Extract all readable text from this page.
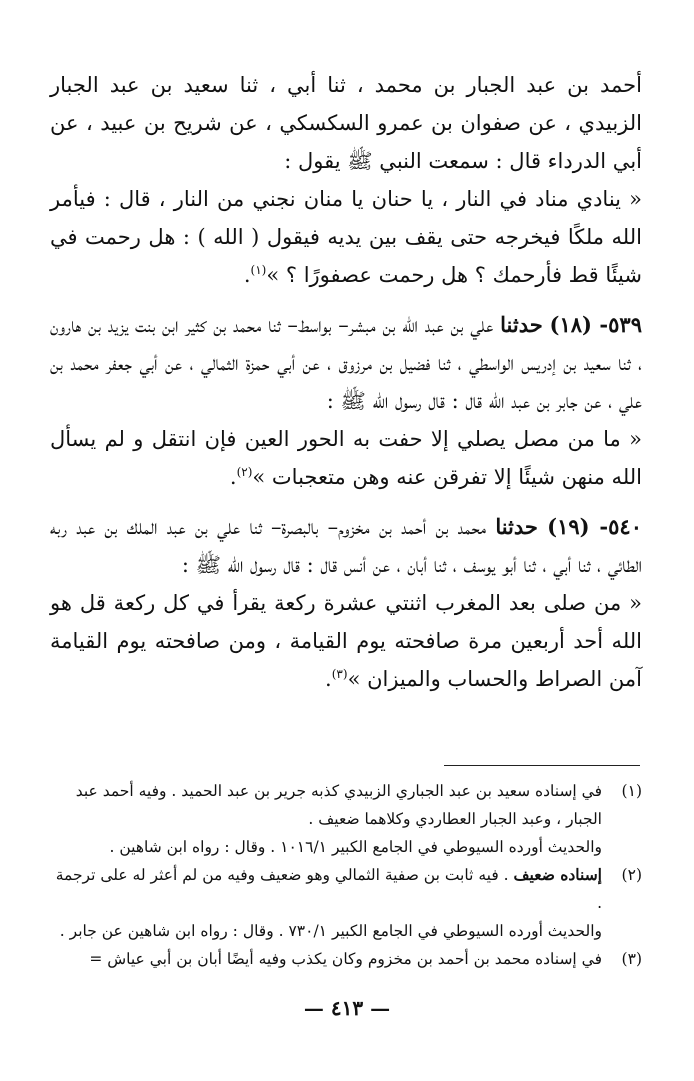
أحمد بن عبد الجبار بن محمد ، ثنا أبي ، ثنا سعيد بن عبد الجبار الزبيدي ، عن صفوان بن عمرو السكسكي ، عن شريح بن عبيد ، عن أبي الدرداء قال : سمعت النبي ﷺ يقول :

« ينادي مناد في النار ، يا حنان يا منان نجني من النار ، قال : فيأمر الله ملكًا فيخرجه حتى يقف بين يديه فيقول ( الله ) : هل رحمت في شيئًا قط فأرحمك ؟ هل رحمت عصفورًا ؟ »$^{(١)}$.

٥٣٩- (١٨) حدثنا علي بن عبد الله بن مبشر– بواسط– ثنا محمد بن كثير ابن بنت يزيد بن هارون ، ثنا سعيد بن إدريس الواسطي ، ثنا فضيل بن مرزوق ، عن أبي حمزة الثمالي ، عن أبي جعفر محمد بن علي ، عن جابر بن عبد الله قال : قال رسول الله ﷺ :

« ما من مصل يصلي إلا حفت به الحور العين فإن انتقل و لم يسأل الله منهن شيئًا إلا تفرقن عنه وهن متعجبات »$^{(٢)}$.

٥٤٠- (١٩) حدثنا محمد بن أحمد بن مخزوم– بالبصرة– ثنا علي بن عبد الملك بن عبد ربه الطائي ، ثنا أبي ، ثنا أبو يوسف ، ثنا أبان ، عن أنس قال : قال رسول الله ﷺ :

« من صلى بعد المغرب اثنتي عشرة ركعة يقرأ في كل ركعة قل هو الله أحد أربعين مرة صافحته يوم القيامة ، ومن صافحته يوم القيامة آمن الصراط والحساب والميزان »$^{(٣)}$.

(١)

في إسناده سعيد بن عبد الجباري الزبيدي كذبه جرير بن عبد الحميد . وفيه أحمد عبد الجبار ، وعبد الجبار العطاردي وكلاهما ضعيف .

والحديث أورده السيوطي في الجامع الكبير ١٠١٦/١ . وقال : رواه ابن شاهين .

(٢)

إسناده ضعيف . فيه ثابت بن صفية الثمالي وهو ضعيف وفيه من لم أعثر له على ترجمة .

والحديث أورده السيوطي في الجامع الكبير ٧٣٠/١ . وقال : رواه ابن شاهين عن جابر .

(٣)

في إسناده محمد بن أحمد بن مخزوم وكان يكذب وفيه أيضًا أبان بن أبي عياش =

— ٤١٣ —
